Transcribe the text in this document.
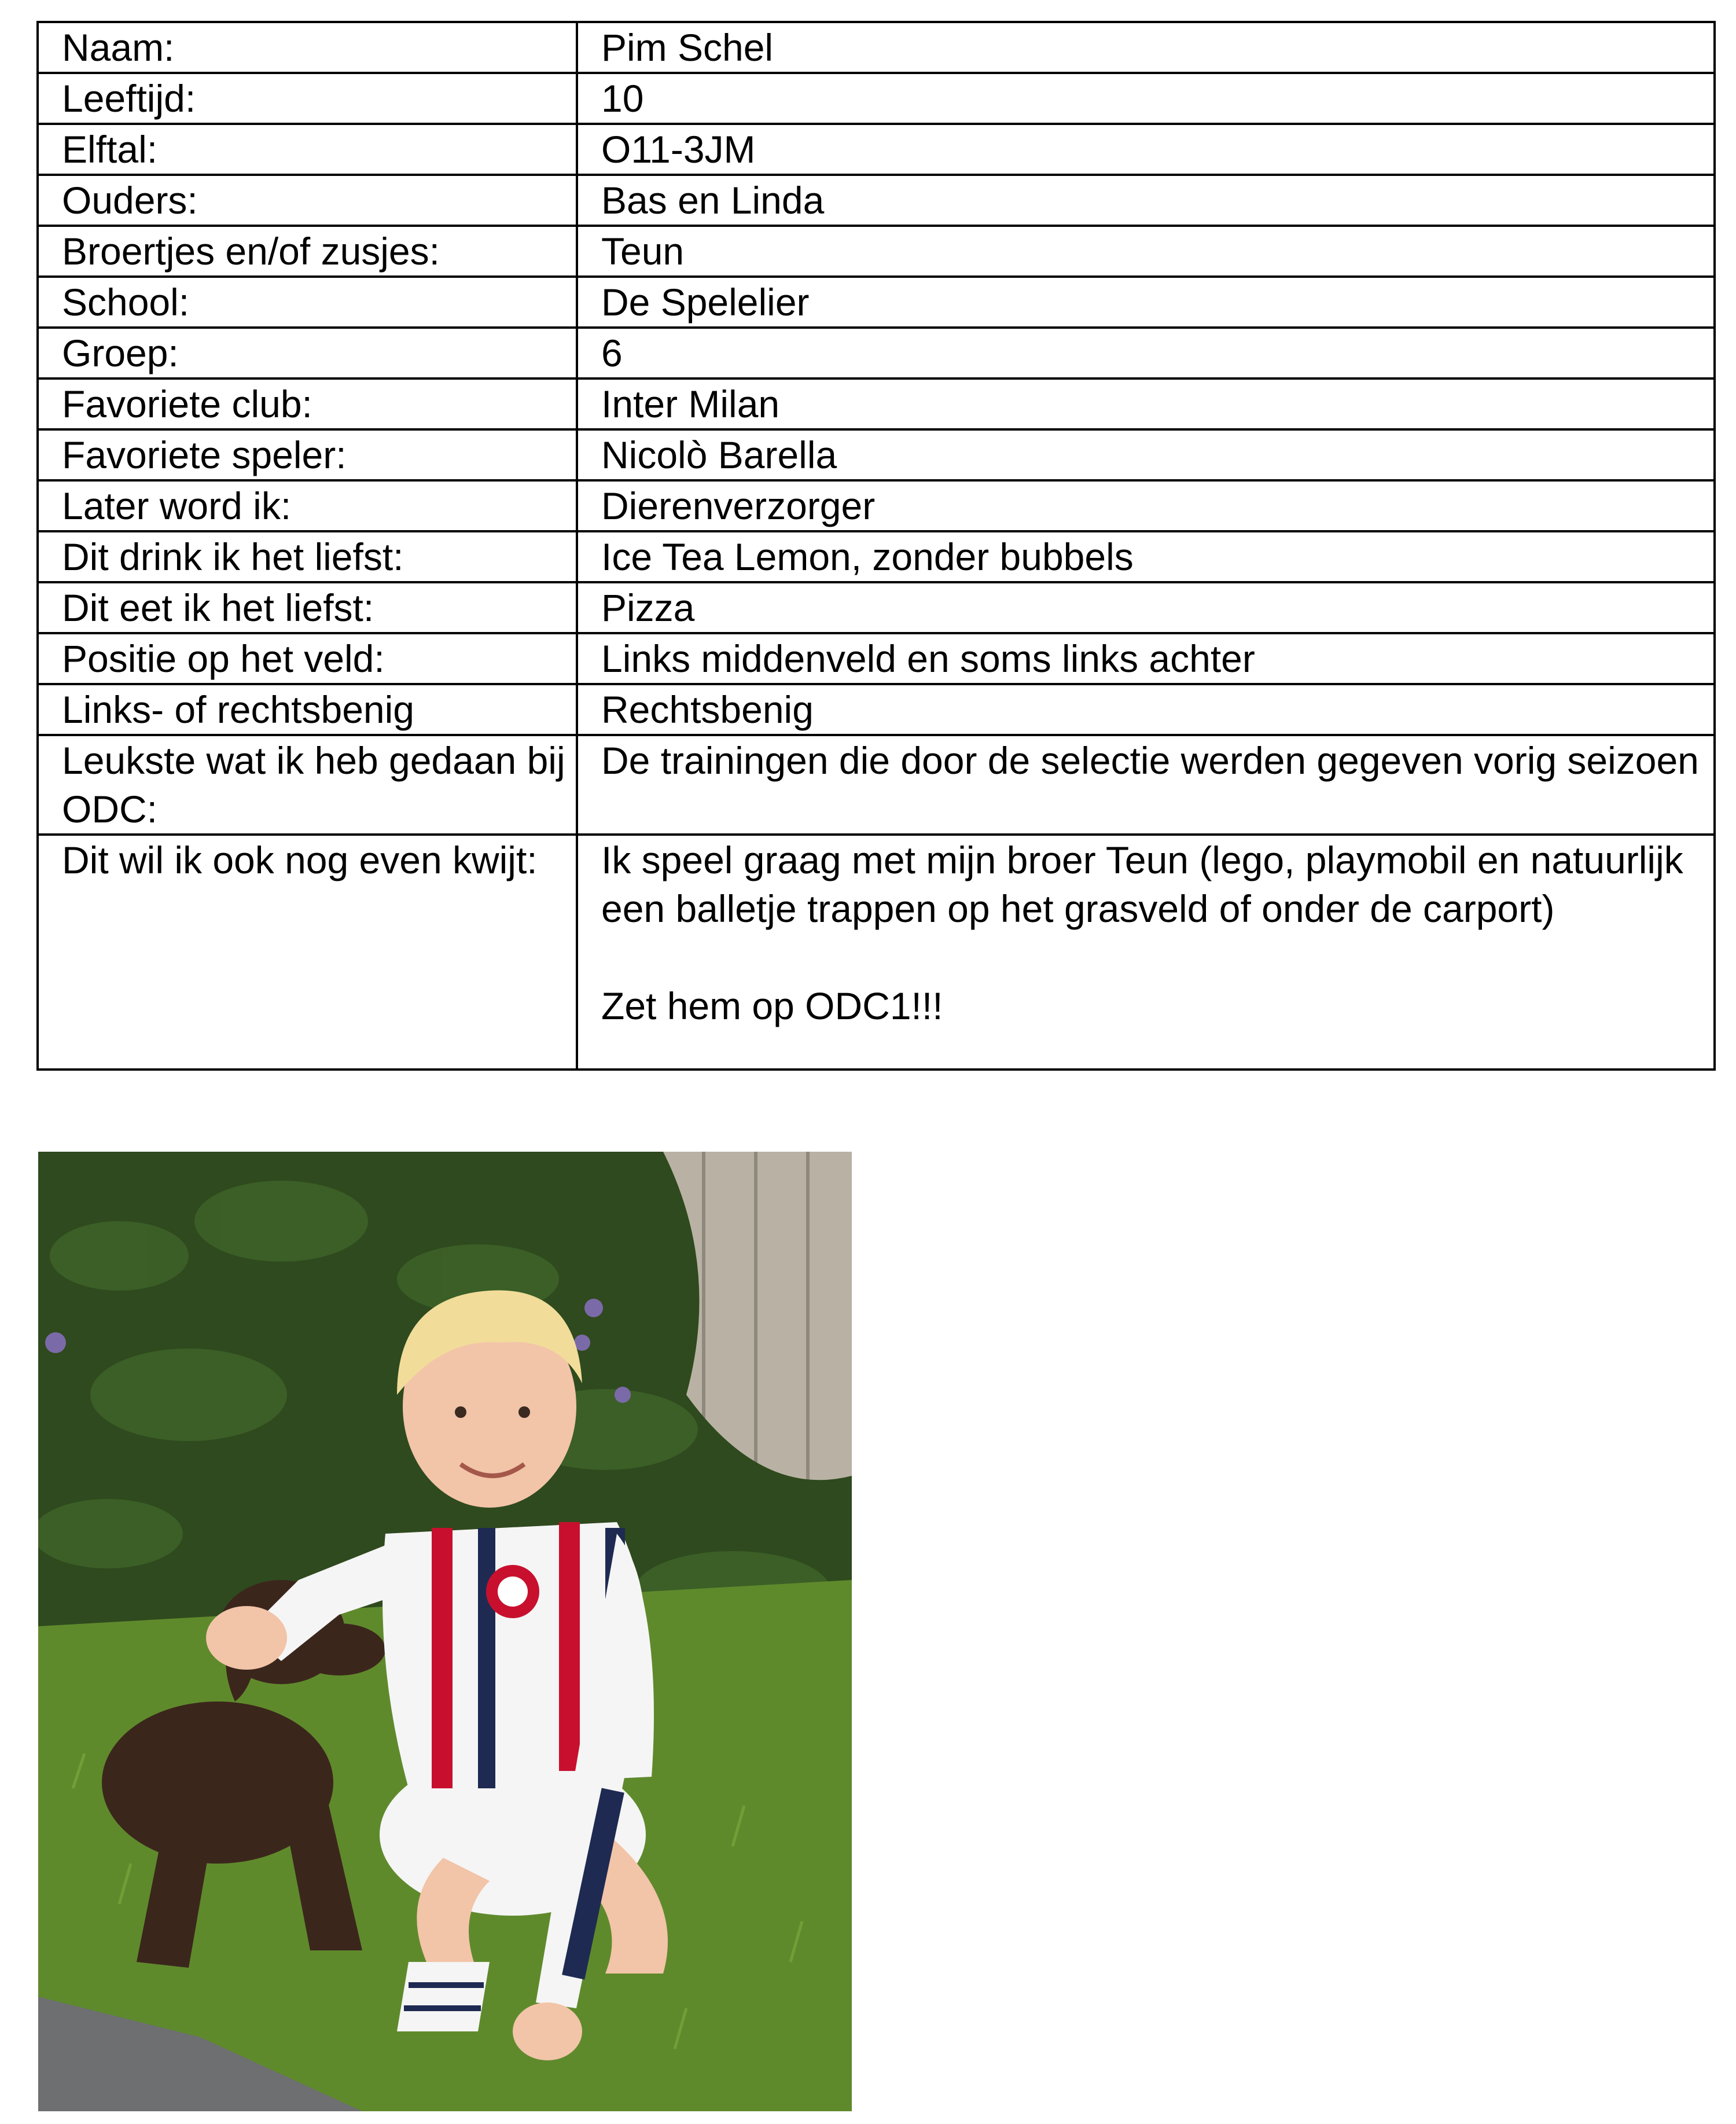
Naam:	Pim Schel
Leeftijd:	10
Elftal:	O11-3JM
Ouders:	Bas en Linda
Broertjes en/of zusjes:	Teun
School:	De Spelelier
Groep:	6
Favoriete club:	Inter Milan
Favoriete speler:	Nicolò Barella
Later word ik:	Dierenverzorger
Dit drink ik het liefst:	Ice Tea Lemon, zonder bubbels
Dit eet ik het liefst:	Pizza
Positie op het veld:	Links middenveld en soms links achter
Links- of rechtsbenig	Rechtsbenig
Leukste wat ik heb gedaan bij ODC:	De trainingen die door de selectie werden gegeven vorig seizoen
Dit wil ik ook nog even kwijt:	Ik speel graag met mijn broer Teun (lego, playmobil en natuurlijk een balletje trappen op het grasveld of onder de carport)

Zet hem op ODC1!!!
